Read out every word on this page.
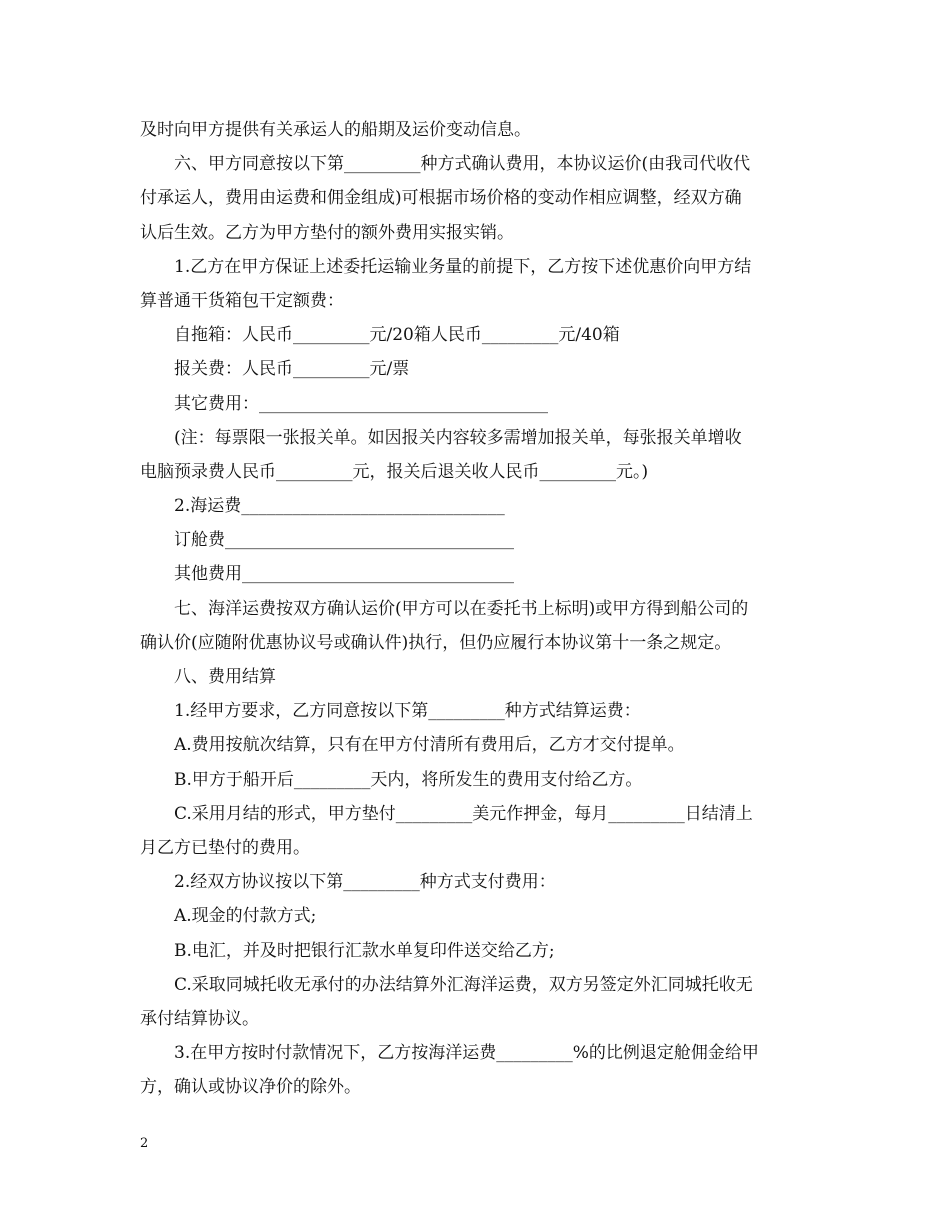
及时向甲方提供有关承运人的船期及运价变动信息。
六、甲方同意按以下第_________种方式确认费用，本协议运价(由我司代收代
付承运人，费用由运费和佣金组成)可根据市场价格的变动作相应调整，经双方确
认后生效。乙方为甲方垫付的额外费用实报实销。
1.乙方在甲方保证上述委托运输业务量的前提下，乙方按下述优惠价向甲方结
算普通干货箱包干定额费：
自拖箱：人民币_________元/20箱人民币_________元/40箱
报关费：人民币_________元/票
其它费用：__________________________________
(注：每票限一张报关单。如因报关内容较多需增加报关单，每张报关单增收
电脑预录费人民币_________元，报关后退关收人民币_________元。)
2.海运费_______________________________
订舱费__________________________________
其他费用________________________________
七、海洋运费按双方确认运价(甲方可以在委托书上标明)或甲方得到船公司的
确认价(应随附优惠协议号或确认件)执行，但仍应履行本协议第十一条之规定。
八、费用结算
1.经甲方要求，乙方同意按以下第_________种方式结算运费：
A.费用按航次结算，只有在甲方付清所有费用后，乙方才交付提单。
B.甲方于船开后_________天内，将所发生的费用支付给乙方。
C.采用月结的形式，甲方垫付_________美元作押金，每月_________日结清上
月乙方已垫付的费用。
2.经双方协议按以下第_________种方式支付费用：
A.现金的付款方式;
B.电汇，并及时把银行汇款水单复印件送交给乙方;
C.采取同城托收无承付的办法结算外汇海洋运费，双方另签定外汇同城托收无
承付结算协议。
3.在甲方按时付款情况下，乙方按海洋运费_________%的比例退定舱佣金给甲
方，确认或协议净价的除外。
2
